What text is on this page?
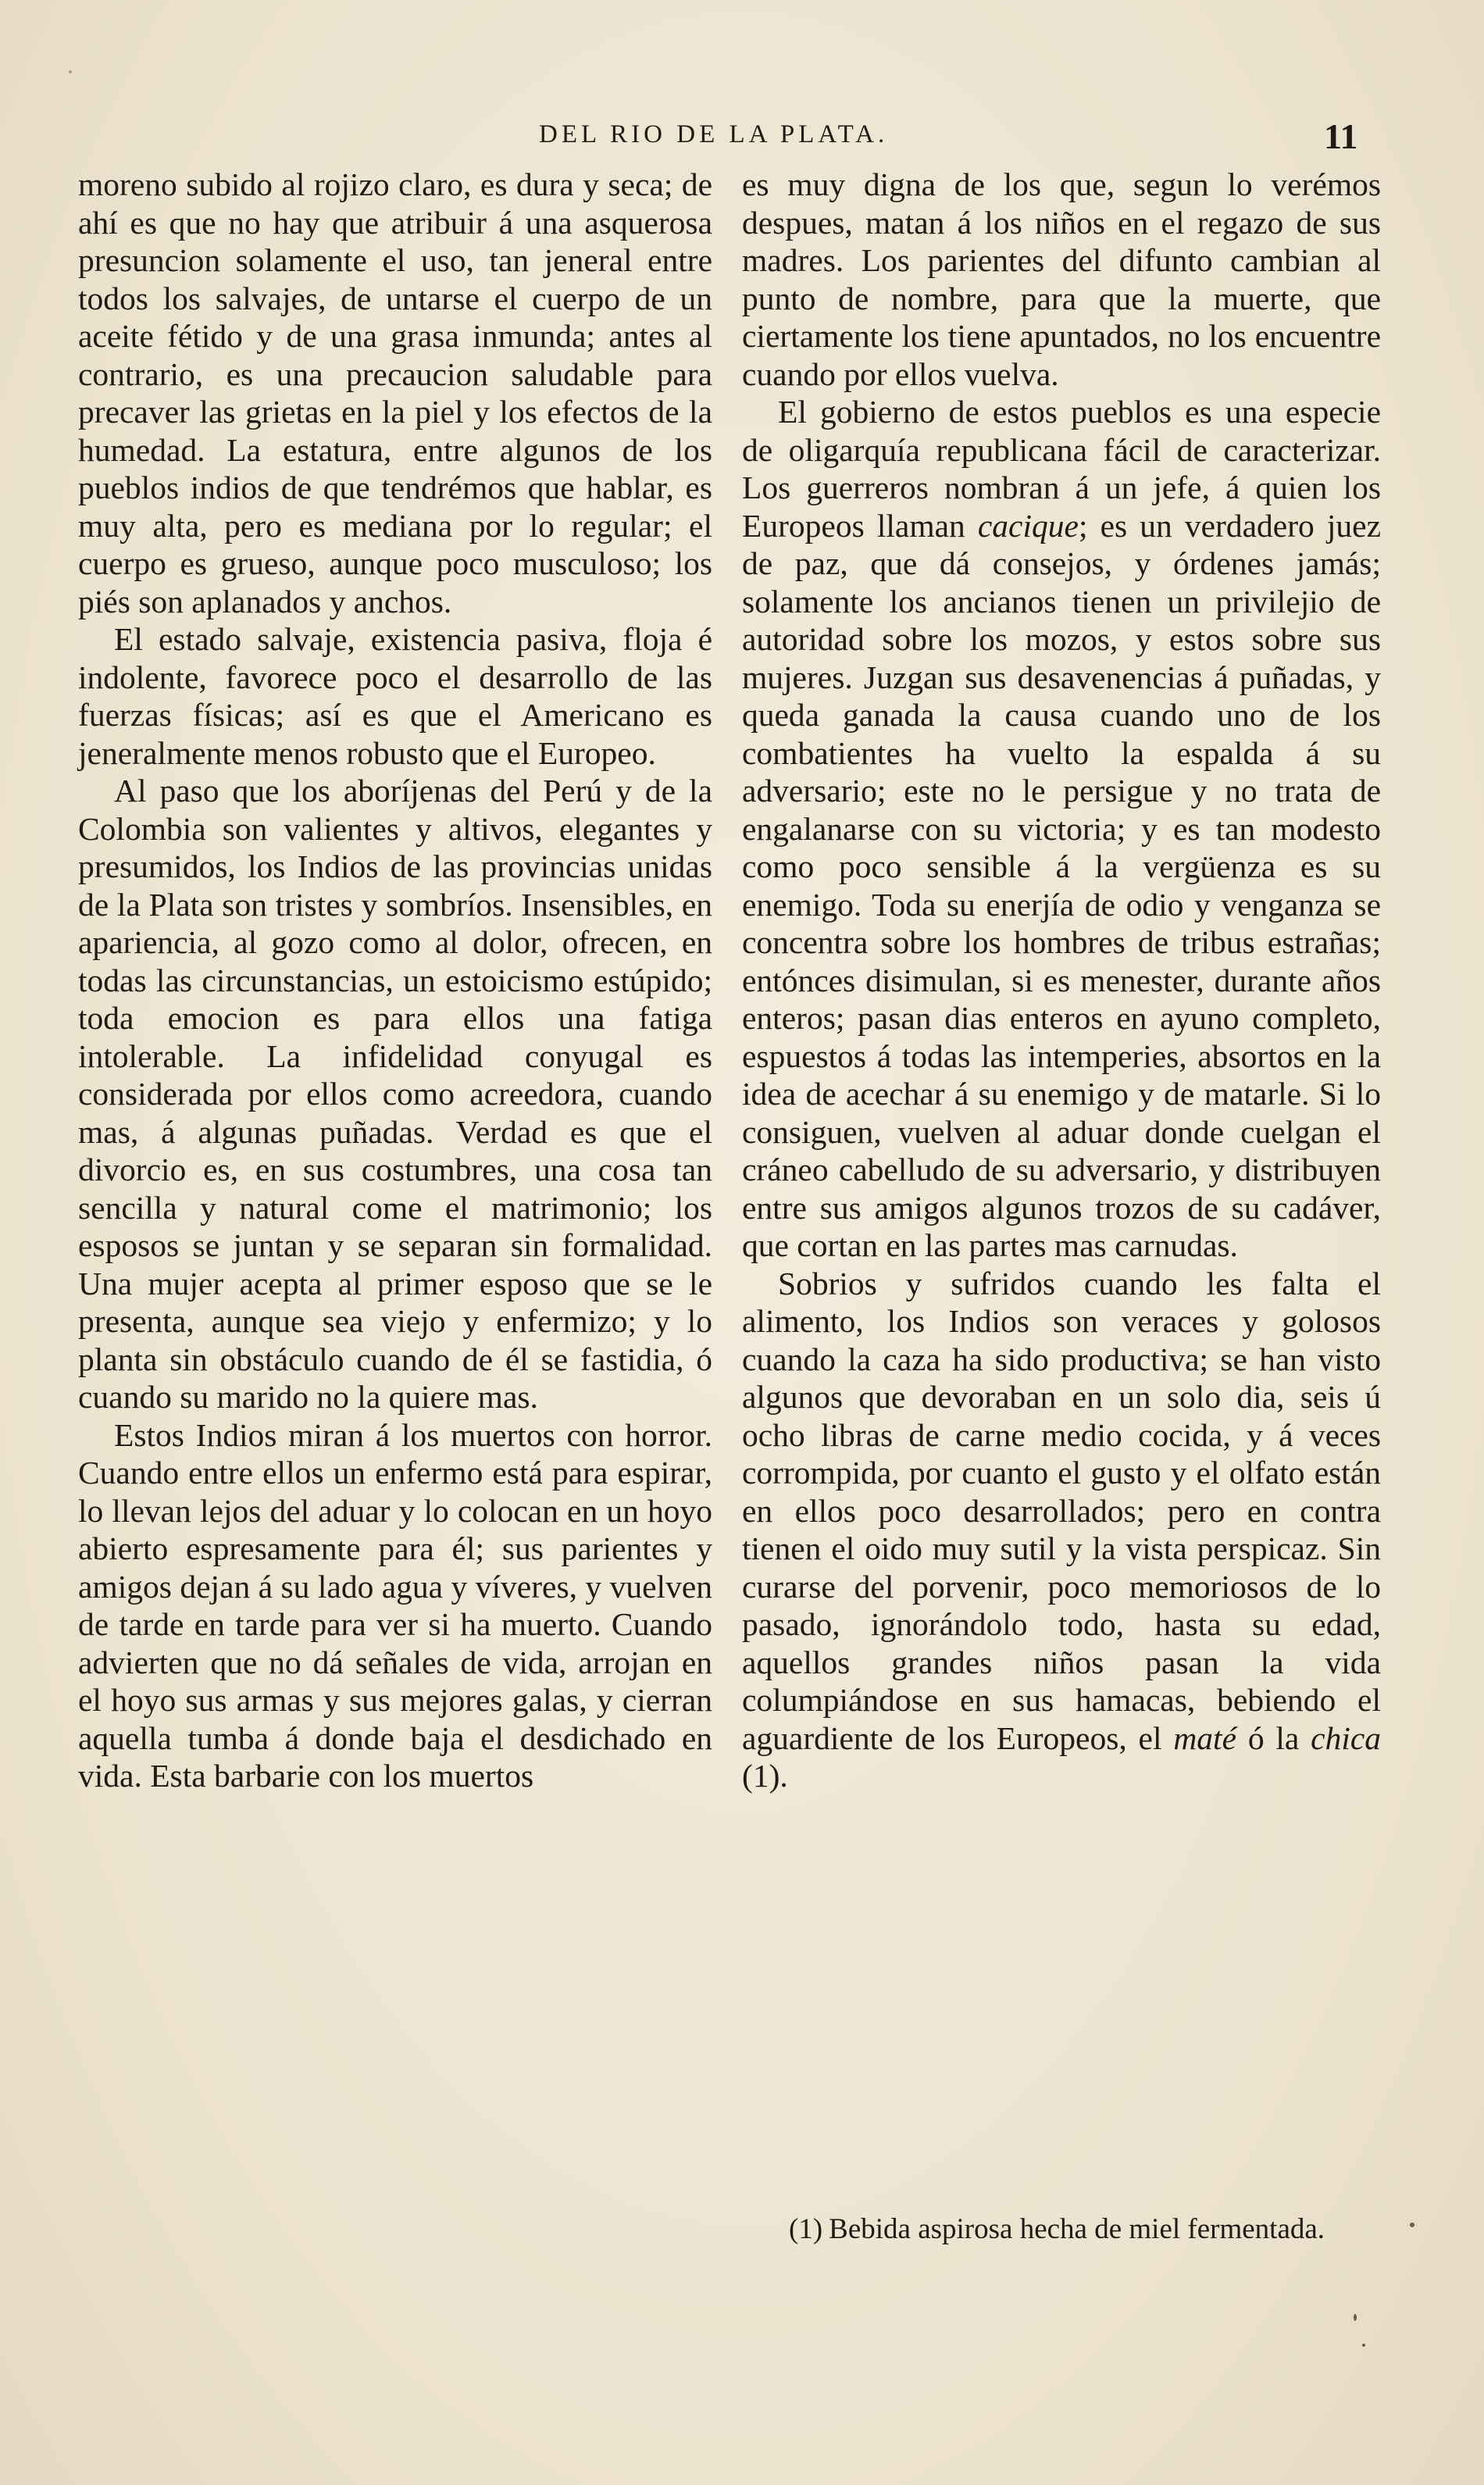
DEL RIO DE LA PLATA.	11

moreno subido al rojizo claro, es dura y seca; de ahí es que no hay que atribuir á una asquerosa presuncion solamente el uso, tan jeneral entre todos los salvajes, de untarse el cuerpo de un aceite fétido y de una grasa inmunda; antes al contrario, es una precaucion saludable para precaver las grietas en la piel y los efectos de la humedad. La estatura, entre algunos de los pueblos indios de que tendrémos que hablar, es muy alta, pero es mediana por lo regular; el cuerpo es grueso, aunque poco musculoso; los piés son aplanados y anchos.

El estado salvaje, existencia pasiva, floja é indolente, favorece poco el desarrollo de las fuerzas físicas; así es que el Americano es jeneralmente menos robusto que el Europeo.

Al paso que los aboríjenas del Perú y de la Colombia son valientes y altivos, elegantes y presumidos, los Indios de las provincias unidas de la Plata son tristes y sombríos. Insensibles, en apariencia, al gozo como al dolor, ofrecen, en todas las circunstancias, un estoicismo estúpido; toda emocion es para ellos una fatiga intolerable. La infidelidad conyugal es considerada por ellos como acreedora, cuando mas, á algunas puñadas. Verdad es que el divorcio es, en sus costumbres, una cosa tan sencilla y natural come el matrimonio; los esposos se juntan y se separan sin formalidad. Una mujer acepta al primer esposo que se le presenta, aunque sea viejo y enfermizo; y lo planta sin obstáculo cuando de él se fastidia, ó cuando su marido no la quiere mas.

Estos Indios miran á los muertos con horror. Cuando entre ellos un enfermo está para espirar, lo llevan lejos del aduar y lo colocan en un hoyo abierto espresamente para él; sus parientes y amigos dejan á su lado agua y víveres, y vuelven de tarde en tarde para ver si ha muerto. Cuando advierten que no dá señales de vida, arrojan en el hoyo sus armas y sus mejores galas, y cierran aquella tumba á donde baja el desdichado en vida. Esta barbarie con los muertos

es muy digna de los que, segun lo verémos despues, matan á los niños en el regazo de sus madres. Los parientes del difunto cambian al punto de nombre, para que la muerte, que ciertamente los tiene apuntados, no los encuentre cuando por ellos vuelva.

El gobierno de estos pueblos es una especie de oligarquía republicana fácil de caracterizar. Los guerreros nombran á un jefe, á quien los Europeos llaman cacique; es un verdadero juez de paz, que dá consejos, y órdenes jamás; solamente los ancianos tienen un privilejio de autoridad sobre los mozos, y estos sobre sus mujeres. Juzgan sus desavenencias á puñadas, y queda ganada la causa cuando uno de los combatientes ha vuelto la espalda á su adversario; este no le persigue y no trata de engalanarse con su victoria; y es tan modesto como poco sensible á la vergüenza es su enemigo. Toda su enerjía de odio y venganza se concentra sobre los hombres de tribus estrañas; entónces disimulan, si es menester, durante años enteros; pasan dias enteros en ayuno completo, espuestos á todas las intemperies, absortos en la idea de acechar á su enemigo y de matarle. Si lo consiguen, vuelven al aduar donde cuelgan el cráneo cabelludo de su adversario, y distribuyen entre sus amigos algunos trozos de su cadáver, que cortan en las partes mas carnudas.

Sobrios y sufridos cuando les falta el alimento, los Indios son veraces y golosos cuando la caza ha sido productiva; se han visto algunos que devoraban en un solo dia, seis ú ocho libras de carne medio cocida, y á veces corrompida, por cuanto el gusto y el olfato están en ellos poco desarrollados; pero en contra tienen el oido muy sutil y la vista perspicaz. Sin curarse del porvenir, poco memoriosos de lo pasado, ignorándolo todo, hasta su edad, aquellos grandes niños pasan la vida columpiándose en sus hamacas, bebiendo el aguardiente de los Europeos, el maté ó la chica (1).

(1) Bebida aspirosa hecha de miel fermentada.
